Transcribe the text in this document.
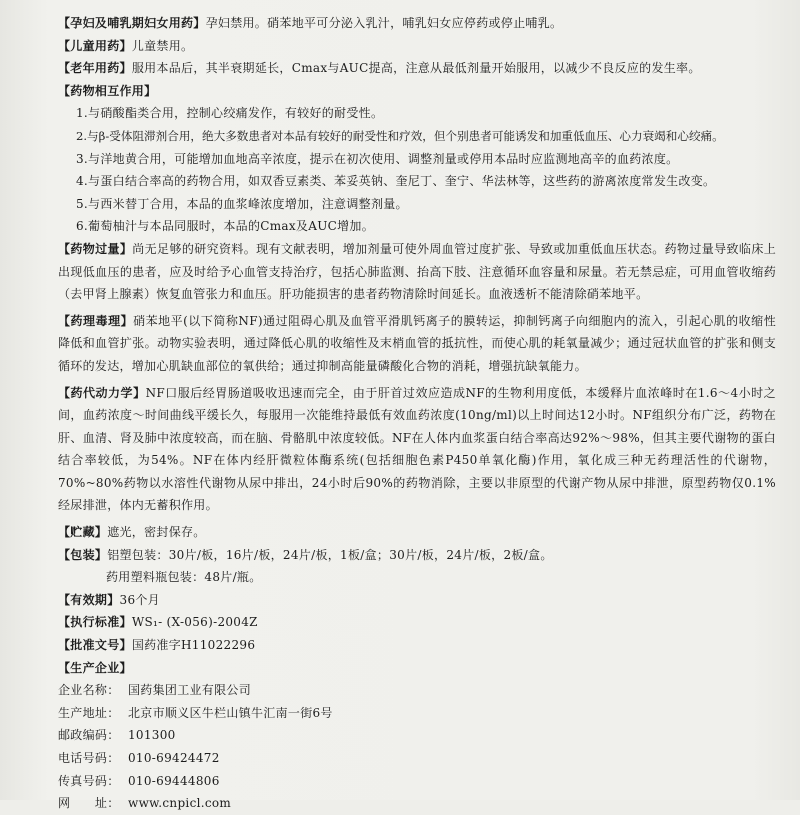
【孕妇及哺乳期妇女用药】孕妇禁用。硝苯地平可分泌入乳汁，哺乳妇女应停药或停止哺乳。

【儿童用药】儿童禁用。

【老年用药】服用本品后，其半衰期延长，Cmax与AUC提高，注意从最低剂量开始服用，以减少不良反应的发生率。

【药物相互作用】

1.与硝酸酯类合用，控制心绞痛发作，有较好的耐受性。

2.与β-受体阻滞剂合用，绝大多数患者对本品有较好的耐受性和疗效，但个别患者可能诱发和加重低血压、心力衰竭和心绞痛。

3.与洋地黄合用，可能增加血地高辛浓度，提示在初次使用、调整剂量或停用本品时应监测地高辛的血药浓度。

4.与蛋白结合率高的药物合用，如双香豆素类、苯妥英钠、奎尼丁、奎宁、华法林等，这些药的游离浓度常发生改变。

5.与西米替丁合用，本品的血浆峰浓度增加，注意调整剂量。

6.葡萄柚汁与本品同服时，本品的Cmax及AUC增加。

【药物过量】尚无足够的研究资料。现有文献表明，增加剂量可使外周血管过度扩张、导致或加重低血压状态。药物过量导致临床上出现低血压的患者，应及时给予心血管支持治疗，包括心肺监测、抬高下肢、注意循环血容量和尿量。若无禁忌症，可用血管收缩药（去甲肾上腺素）恢复血管张力和血压。肝功能损害的患者药物清除时间延长。血液透析不能清除硝苯地平。

【药理毒理】硝苯地平(以下简称NF)通过阻碍心肌及血管平滑肌钙离子的膜转运，抑制钙离子向细胞内的流入，引起心肌的收缩性降低和血管扩张。动物实验表明，通过降低心肌的收缩性及末梢血管的抵抗性，而使心肌的耗氧量减少；通过冠状血管的扩张和侧支循环的发达，增加心肌缺血部位的氧供给；通过抑制高能量磷酸化合物的消耗，增强抗缺氧能力。

【药代动力学】NF口服后经胃肠道吸收迅速而完全，由于肝首过效应造成NF的生物利用度低，本缓释片血浓峰时在1.6～4小时之间，血药浓度～时间曲线平缓长久，每服用一次能维持最低有效血药浓度(10ng/ml)以上时间达12小时。NF组织分布广泛，药物在肝、血清、肾及肺中浓度较高，而在脑、骨骼肌中浓度较低。NF在人体内血浆蛋白结合率高达92%～98%，但其主要代谢物的蛋白结合率较低，为54%。NF在体内经肝微粒体酶系统(包括细胞色素P450单氧化酶)作用，氧化成三种无药理活性的代谢物，70%~80%药物以水溶性代谢物从尿中排出，24小时后90%的药物消除，主要以非原型的代谢产物从尿中排泄，原型药物仅0.1%经尿排泄，体内无蓄积作用。

【贮藏】遮光，密封保存。

【包装】铝塑包装：30片/板，16片/板，24片/板，1板/盒；30片/板，24片/板，2板/盒。

药用塑料瓶包装：48片/瓶。

【有效期】36个月

【执行标准】WS₁- (X-056)-2004Z

【批准文号】国药准字H11022296

【生产企业】

企业名称： 国药集团工业有限公司

生产地址： 北京市顺义区牛栏山镇牛汇南一街6号

邮政编码： 101300

电话号码： 010-69424472

传真号码： 010-69444806

网　　址： www.cnpicl.com
